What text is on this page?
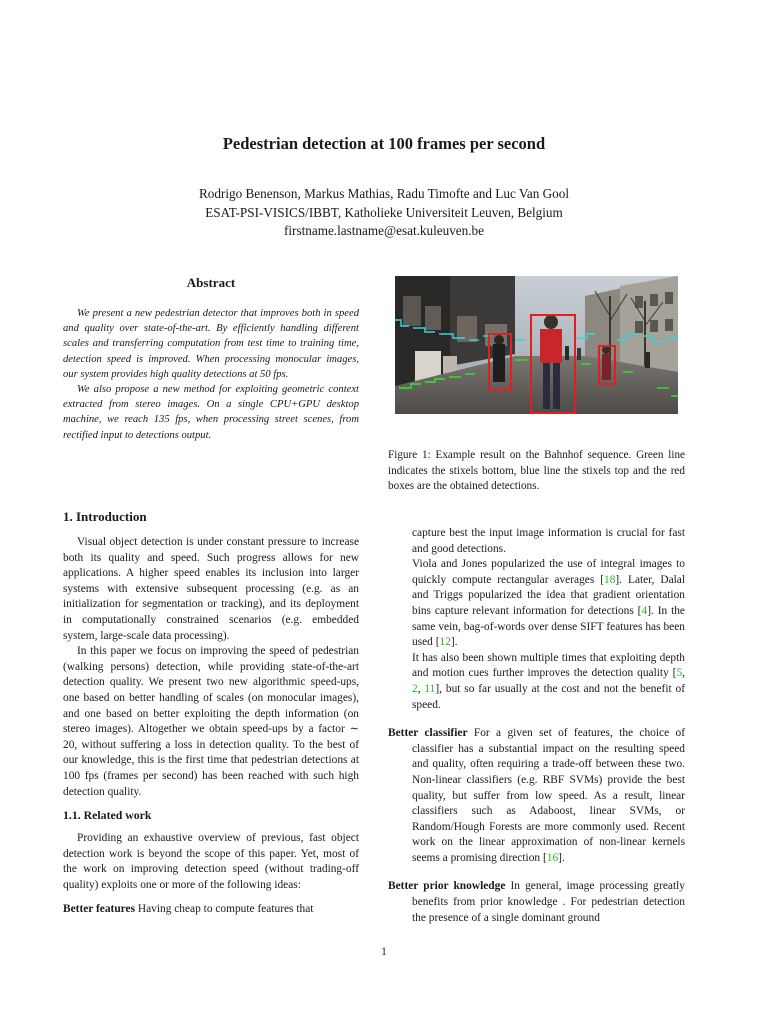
Pedestrian detection at 100 frames per second
Rodrigo Benenson, Markus Mathias, Radu Timofte and Luc Van Gool
ESAT-PSI-VISICS/IBBT, Katholieke Universiteit Leuven, Belgium
firstname.lastname@esat.kuleuven.be
Abstract

We present a new pedestrian detector that improves both in speed and quality over state-of-the-art. By efficiently handling different scales and transferring computation from test time to training time, detection speed is improved. When processing monocular images, our system provides high quality detections at 50 fps.

We also propose a new method for exploiting geometric context extracted from stereo images. On a single CPU+GPU desktop machine, we reach 135 fps, when processing street scenes, from rectified input to detections output.

Figure 1: Example result on the Bahnhof sequence. Green line indicates the stixels bottom, blue line the stixels top and the red boxes are the obtained detections.
1. Introduction

Visual object detection is under constant pressure to increase both its quality and speed. Such progress allows for new applications. A higher speed enables its inclusion into larger systems with extensive subsequent processing (e.g. as an initialization for segmentation or tracking), and its deployment in computationally constrained scenarios (e.g. embedded system, large-scale data processing).

In this paper we focus on improving the speed of pedestrian (walking persons) detection, while providing state-of-the-art detection quality. We present two new algorithmic speed-ups, one based on better handling of scales (on monocular images), and one based on better exploiting the depth information (on stereo images). Altogether we obtain speed-ups by a factor ∼ 20, without suffering a loss in detection quality. To the best of our knowledge, this is the first time that pedestrian detections at 100 fps (frames per second) has been reached with such high detection quality.

1.1. Related work

Providing an exhaustive overview of previous, fast object detection work is beyond the scope of this paper. Yet, most of the work on improving detection speed (without trading-off quality) exploits one or more of the following ideas:

Better features Having cheap to compute features that

capture best the input image information is crucial for fast and good detections.

Viola and Jones popularized the use of integral images to quickly compute rectangular averages [18]. Later, Dalal and Triggs popularized the idea that gradient orientation bins capture relevant information for detections [4]. In the same vein, bag-of-words over dense SIFT features has been used [12].

It has also been shown multiple times that exploiting depth and motion cues further improves the detection quality [5, 2, 11], but so far usually at the cost and not the benefit of speed.

Better classifier For a given set of features, the choice of classifier has a substantial impact on the resulting speed and quality, often requiring a trade-off between these two. Non-linear classifiers (e.g. RBF SVMs) provide the best quality, but suffer from low speed. As a result, linear classifiers such as Adaboost, linear SVMs, or Random/Hough Forests are more commonly used. Recent work on the linear approximation of non-linear kernels seems a promising direction [16].

Better prior knowledge In general, image processing greatly benefits from prior knowledge . For pedestrian detection the presence of a single dominant ground

1
